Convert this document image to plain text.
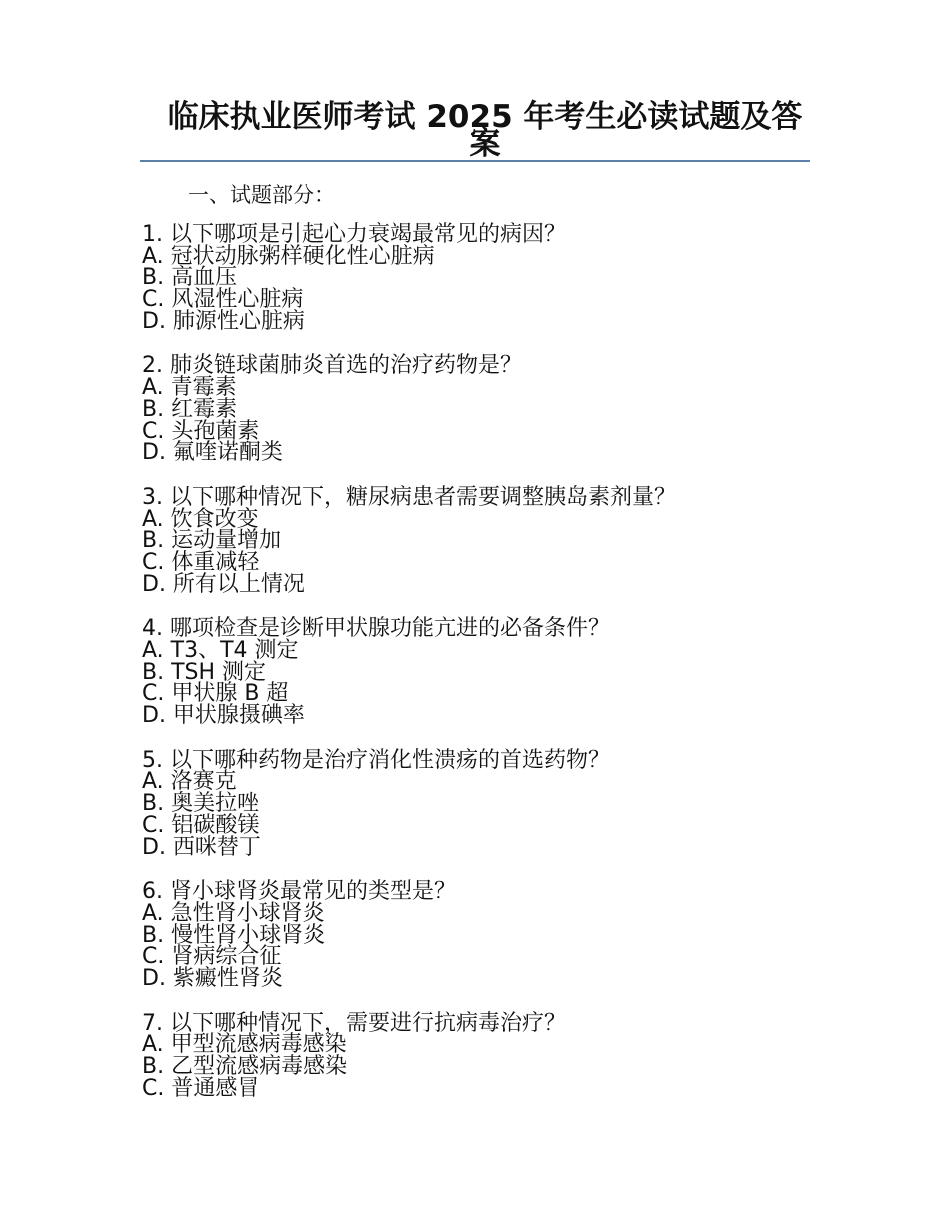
临床执业医师考试 2025 年考生必读试题及答案
一、试题部分：
1. 以下哪项是引起心力衰竭最常见的病因？
A. 冠状动脉粥样硬化性心脏病
B. 高血压
C. 风湿性心脏病
D. 肺源性心脏病
2. 肺炎链球菌肺炎首选的治疗药物是？
A. 青霉素
B. 红霉素
C. 头孢菌素
D. 氟喹诺酮类
3. 以下哪种情况下，糖尿病患者需要调整胰岛素剂量？
A. 饮食改变
B. 运动量增加
C. 体重减轻
D. 所有以上情况
4. 哪项检查是诊断甲状腺功能亢进的必备条件？
A. T3、T4 测定
B. TSH 测定
C. 甲状腺 B 超
D. 甲状腺摄碘率
5. 以下哪种药物是治疗消化性溃疡的首选药物？
A. 洛赛克
B. 奥美拉唑
C. 铝碳酸镁
D. 西咪替丁
6. 肾小球肾炎最常见的类型是？
A. 急性肾小球肾炎
B. 慢性肾小球肾炎
C. 肾病综合征
D. 紫癜性肾炎
7. 以下哪种情况下，需要进行抗病毒治疗？
A. 甲型流感病毒感染
B. 乙型流感病毒感染
C. 普通感冒
